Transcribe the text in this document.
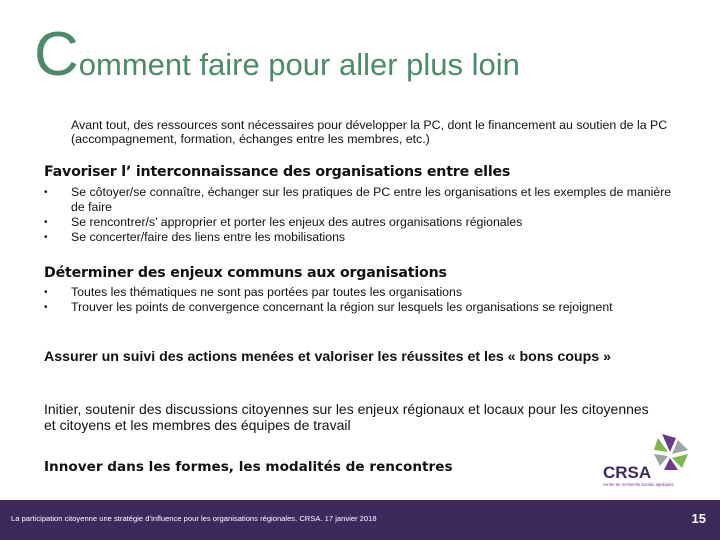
Comment faire pour aller plus loin
Avant tout, des ressources sont nécessaires pour développer la PC, dont le financement au soutien de la PC (accompagnement, formation, échanges entre les membres, etc.)
Favoriser l’ interconnaissance des organisations entre elles
• Se côtoyer/se connaître, échanger sur les pratiques de PC entre les organisations et les exemples de manière de faire
• Se rencontrer/s’ approprier et porter les enjeux des autres organisations régionales
• Se concerter/faire des liens entre les mobilisations
Déterminer des enjeux communs aux organisations
• Toutes les thématiques ne sont pas portées par toutes les organisations
• Trouver les points de convergence concernant la région sur lesquels les organisations se rejoignent
Assurer un suivi des actions menées et valoriser les réussites et les « bons coups »
Initier, soutenir des discussions citoyennes sur les enjeux régionaux et locaux pour les citoyennes et citoyens et les membres des équipes de travail
Innover dans les formes, les modalités de rencontres	CRSA
centre de recherche sociale appliquée
La participation citoyenne une stratégie d’influence pour les organisations régionales. CRSA. 17 janvier 2018	15
